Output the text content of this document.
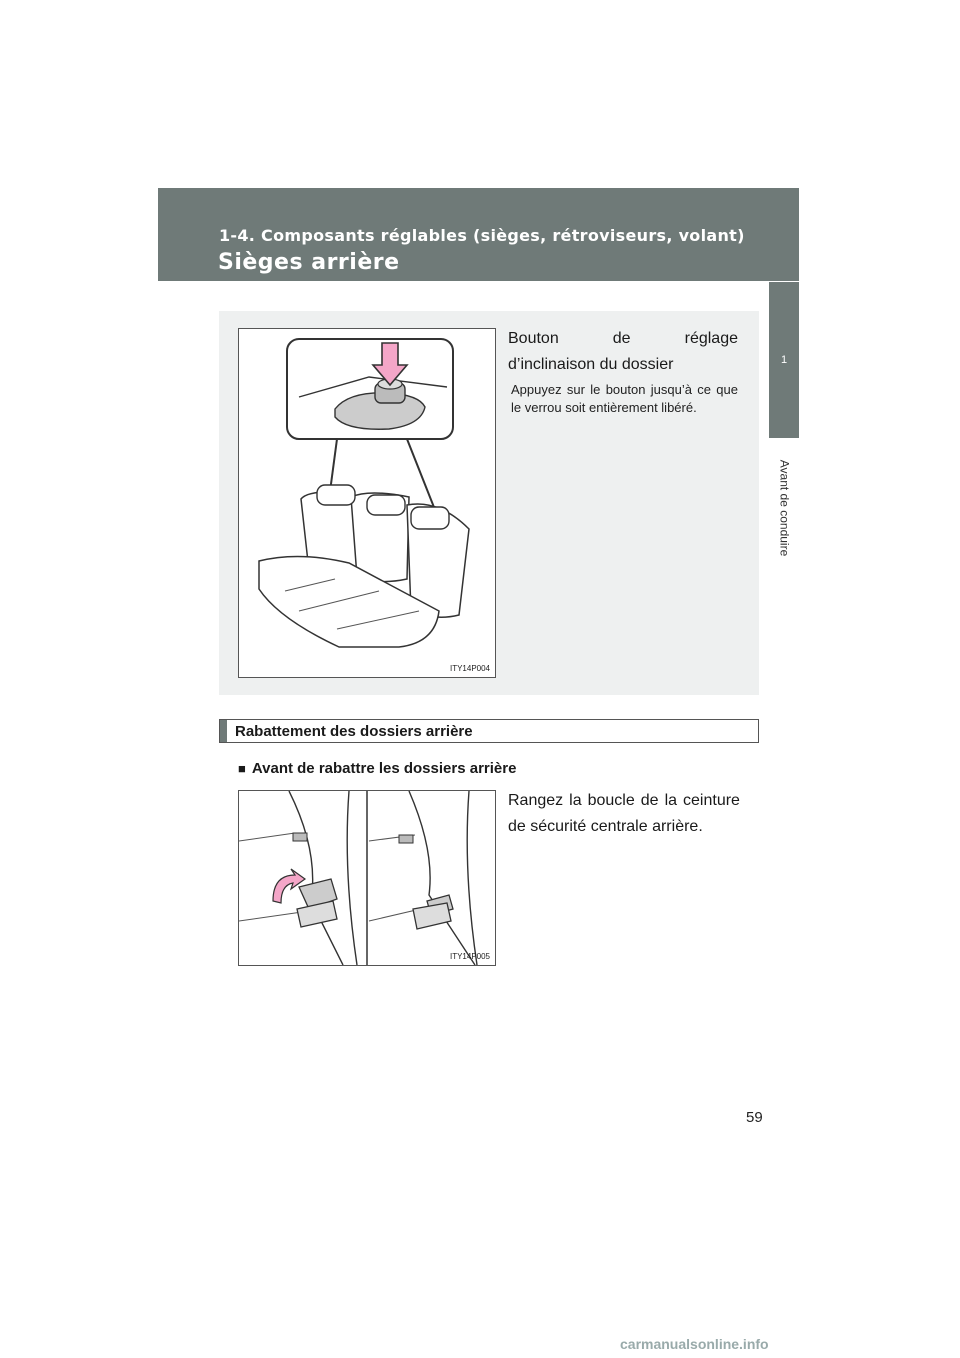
1-4. Composants réglables (sièges, rétroviseurs, volant)
Sièges arrière
1
Avant de conduire
ITY14P004
Bouton	de	réglage
d’inclinaison du dossier
Appuyez sur le bouton jusqu’à ce que le verrou soit entièrement libéré.
Rabattement des dossiers arrière
■ Avant de rabattre les dossiers arrière
ITY14P005
Rangez la boucle de la ceinture
de sécurité centrale arrière.
59
carmanualsonline.info
